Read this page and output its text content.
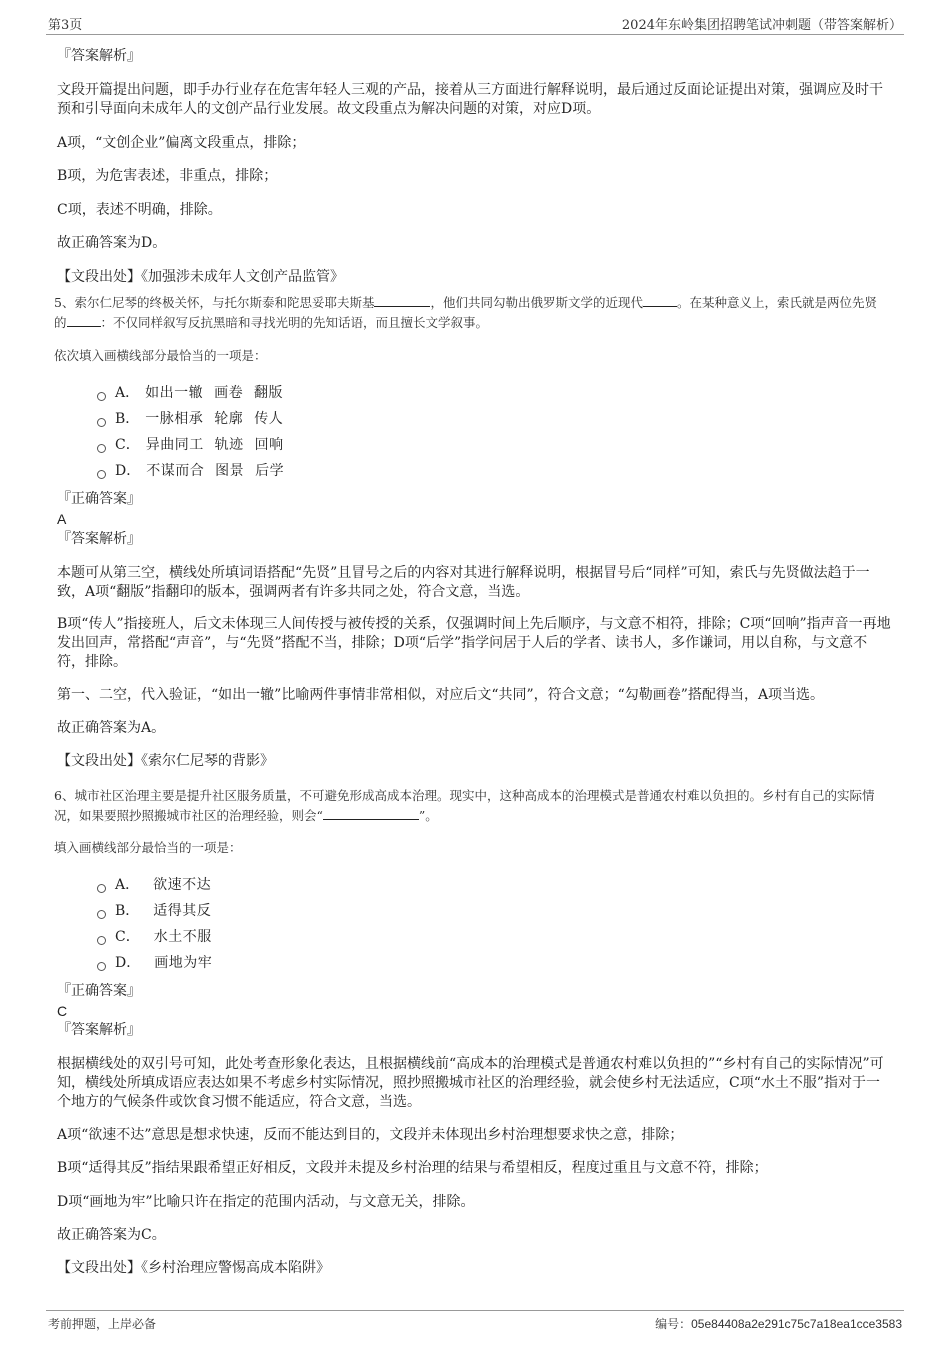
第3页	2024年东岭集团招聘笔试冲刺题（带答案解析）
『答案解析』
文段开篇提出问题，即手办行业存在危害年轻人三观的产品，接着从三方面进行解释说明，最后通过反面论证提出对策，强调应及时干预和引导面向未成年人的文创产品行业发展。故文段重点为解决问题的对策，对应D项。
A项，“文创企业”偏离文段重点，排除；
B项，为危害表述，非重点，排除；
C项，表述不明确，排除。
故正确答案为D。
【文段出处】《加强涉未成年人文创产品监管》
5、索尔仁尼琴的终极关怀，与托尔斯泰和陀思妥耶夫斯基	，他们共同勾勒出俄罗斯文学的近现代	。在某种意义上，索氏就是两位先贤的	：不仅同样叙写反抗黑暗和寻找光明的先知话语，而且擅长文学叙事。
依次填入画横线部分最恰当的一项是：
A． 如出一辙 画卷 翻版
B． 一脉相承 轮廓 传人
C． 异曲同工 轨迹 回响
D． 不谋而合 图景 后学
『正确答案』
A
『答案解析』
本题可从第三空，横线处所填词语搭配“先贤”且冒号之后的内容对其进行解释说明，根据冒号后“同样”可知，索氏与先贤做法趋于一致，A项“翻版”指翻印的版本，强调两者有许多共同之处，符合文意，当选。
B项“传人”指接班人，后文未体现三人间传授与被传授的关系，仅强调时间上先后顺序，与文意不相符，排除；C项“回响”指声音一再地发出回声，常搭配“声音”，与“先贤”搭配不当，排除；D项“后学”指学问居于人后的学者、读书人，多作谦词，用以自称，与文意不符，排除。
第一、二空，代入验证，“如出一辙”比喻两件事情非常相似，对应后文“共同”，符合文意；“勾勒画卷”搭配得当，A项当选。
故正确答案为A。
【文段出处】《索尔仁尼琴的背影》
6、城市社区治理主要是提升社区服务质量，不可避免形成高成本治理。现实中，这种高成本的治理模式是普通农村难以负担的。乡村有自己的实际情况，如果要照抄照搬城市社区的治理经验，则会“	”。
填入画横线部分最恰当的一项是：
A． 欲速不达
B． 适得其反
C． 水土不服
D． 画地为牢
『正确答案』
C
『答案解析』
根据横线处的双引号可知，此处考查形象化表达，且根据横线前“高成本的治理模式是普通农村难以负担的”“乡村有自己的实际情况”可知，横线处所填成语应表达如果不考虑乡村实际情况，照抄照搬城市社区的治理经验，就会使乡村无法适应，C项“水土不服”指对于一个地方的气候条件或饮食习惯不能适应，符合文意，当选。
A项“欲速不达”意思是想求快速，反而不能达到目的，文段并未体现出乡村治理想要求快之意，排除；
B项“适得其反”指结果跟希望正好相反，文段并未提及乡村治理的结果与希望相反，程度过重且与文意不符，排除；
D项“画地为牢”比喻只许在指定的范围内活动，与文意无关，排除。
故正确答案为C。
【文段出处】《乡村治理应警惕高成本陷阱》
考前押题，上岸必备	编号：05e84408a2e291c75c7a18ea1cce3583
